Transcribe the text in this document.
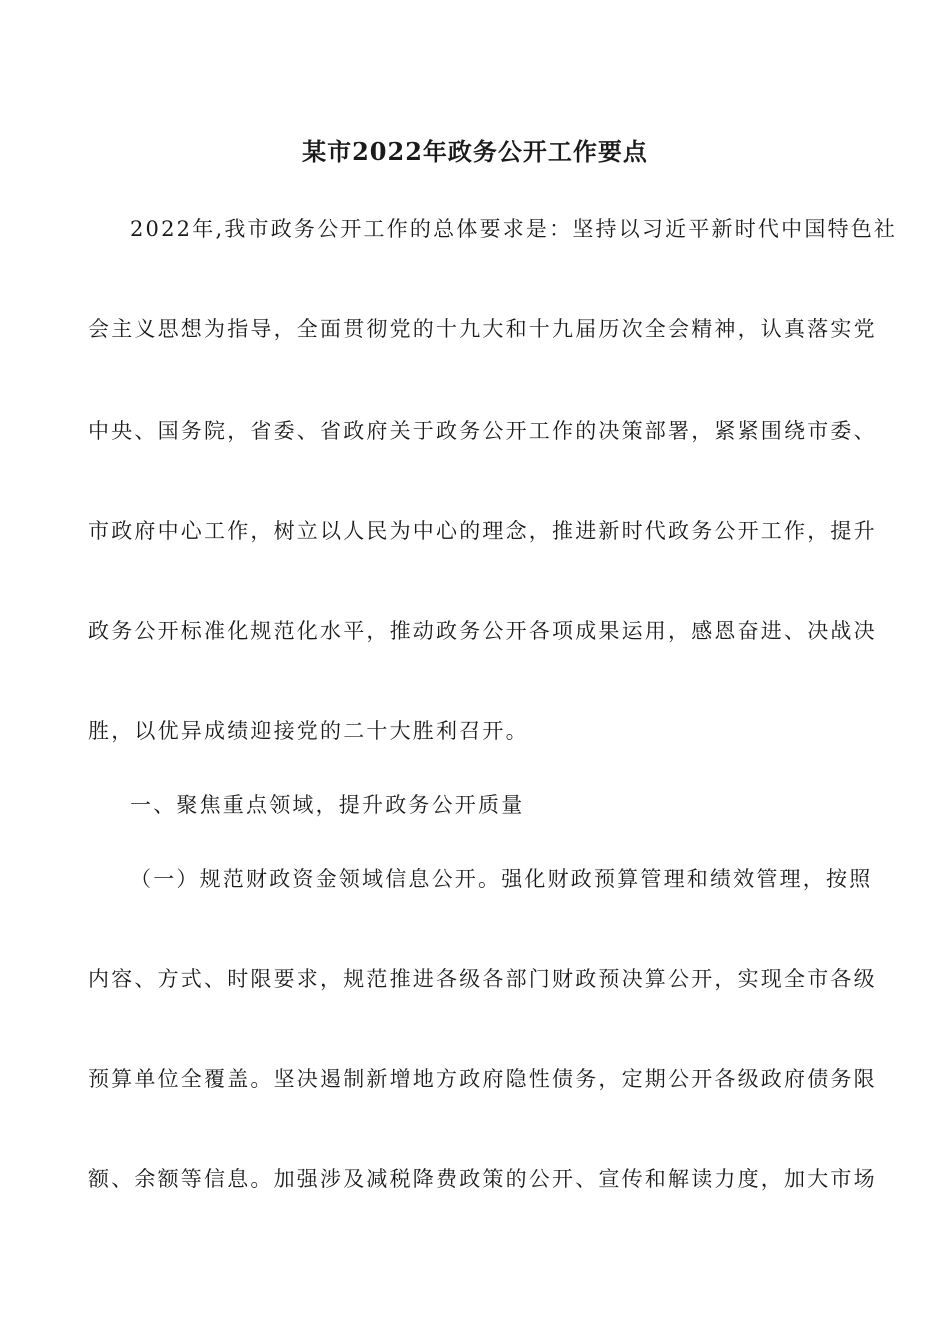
某市2022年政务公开工作要点

2022年,我市政务公开工作的总体要求是：坚持以习近平新时代中国特色社

会主义思想为指导，全面贯彻党的十九大和十九届历次全会精神，认真落实党

中央、国务院，省委、省政府关于政务公开工作的决策部署，紧紧围绕市委、

市政府中心工作，树立以人民为中心的理念，推进新时代政务公开工作，提升

政务公开标准化规范化水平，推动政务公开各项成果运用，感恩奋进、决战决

胜，以优异成绩迎接党的二十大胜利召开。

一、聚焦重点领域，提升政务公开质量

（一）规范财政资金领域信息公开。强化财政预算管理和绩效管理，按照

内容、方式、时限要求，规范推进各级各部门财政预决算公开，实现全市各级

预算单位全覆盖。坚决遏制新增地方政府隐性债务，定期公开各级政府债务限

额、余额等信息。加强涉及减税降费政策的公开、宣传和解读力度，加大市场
